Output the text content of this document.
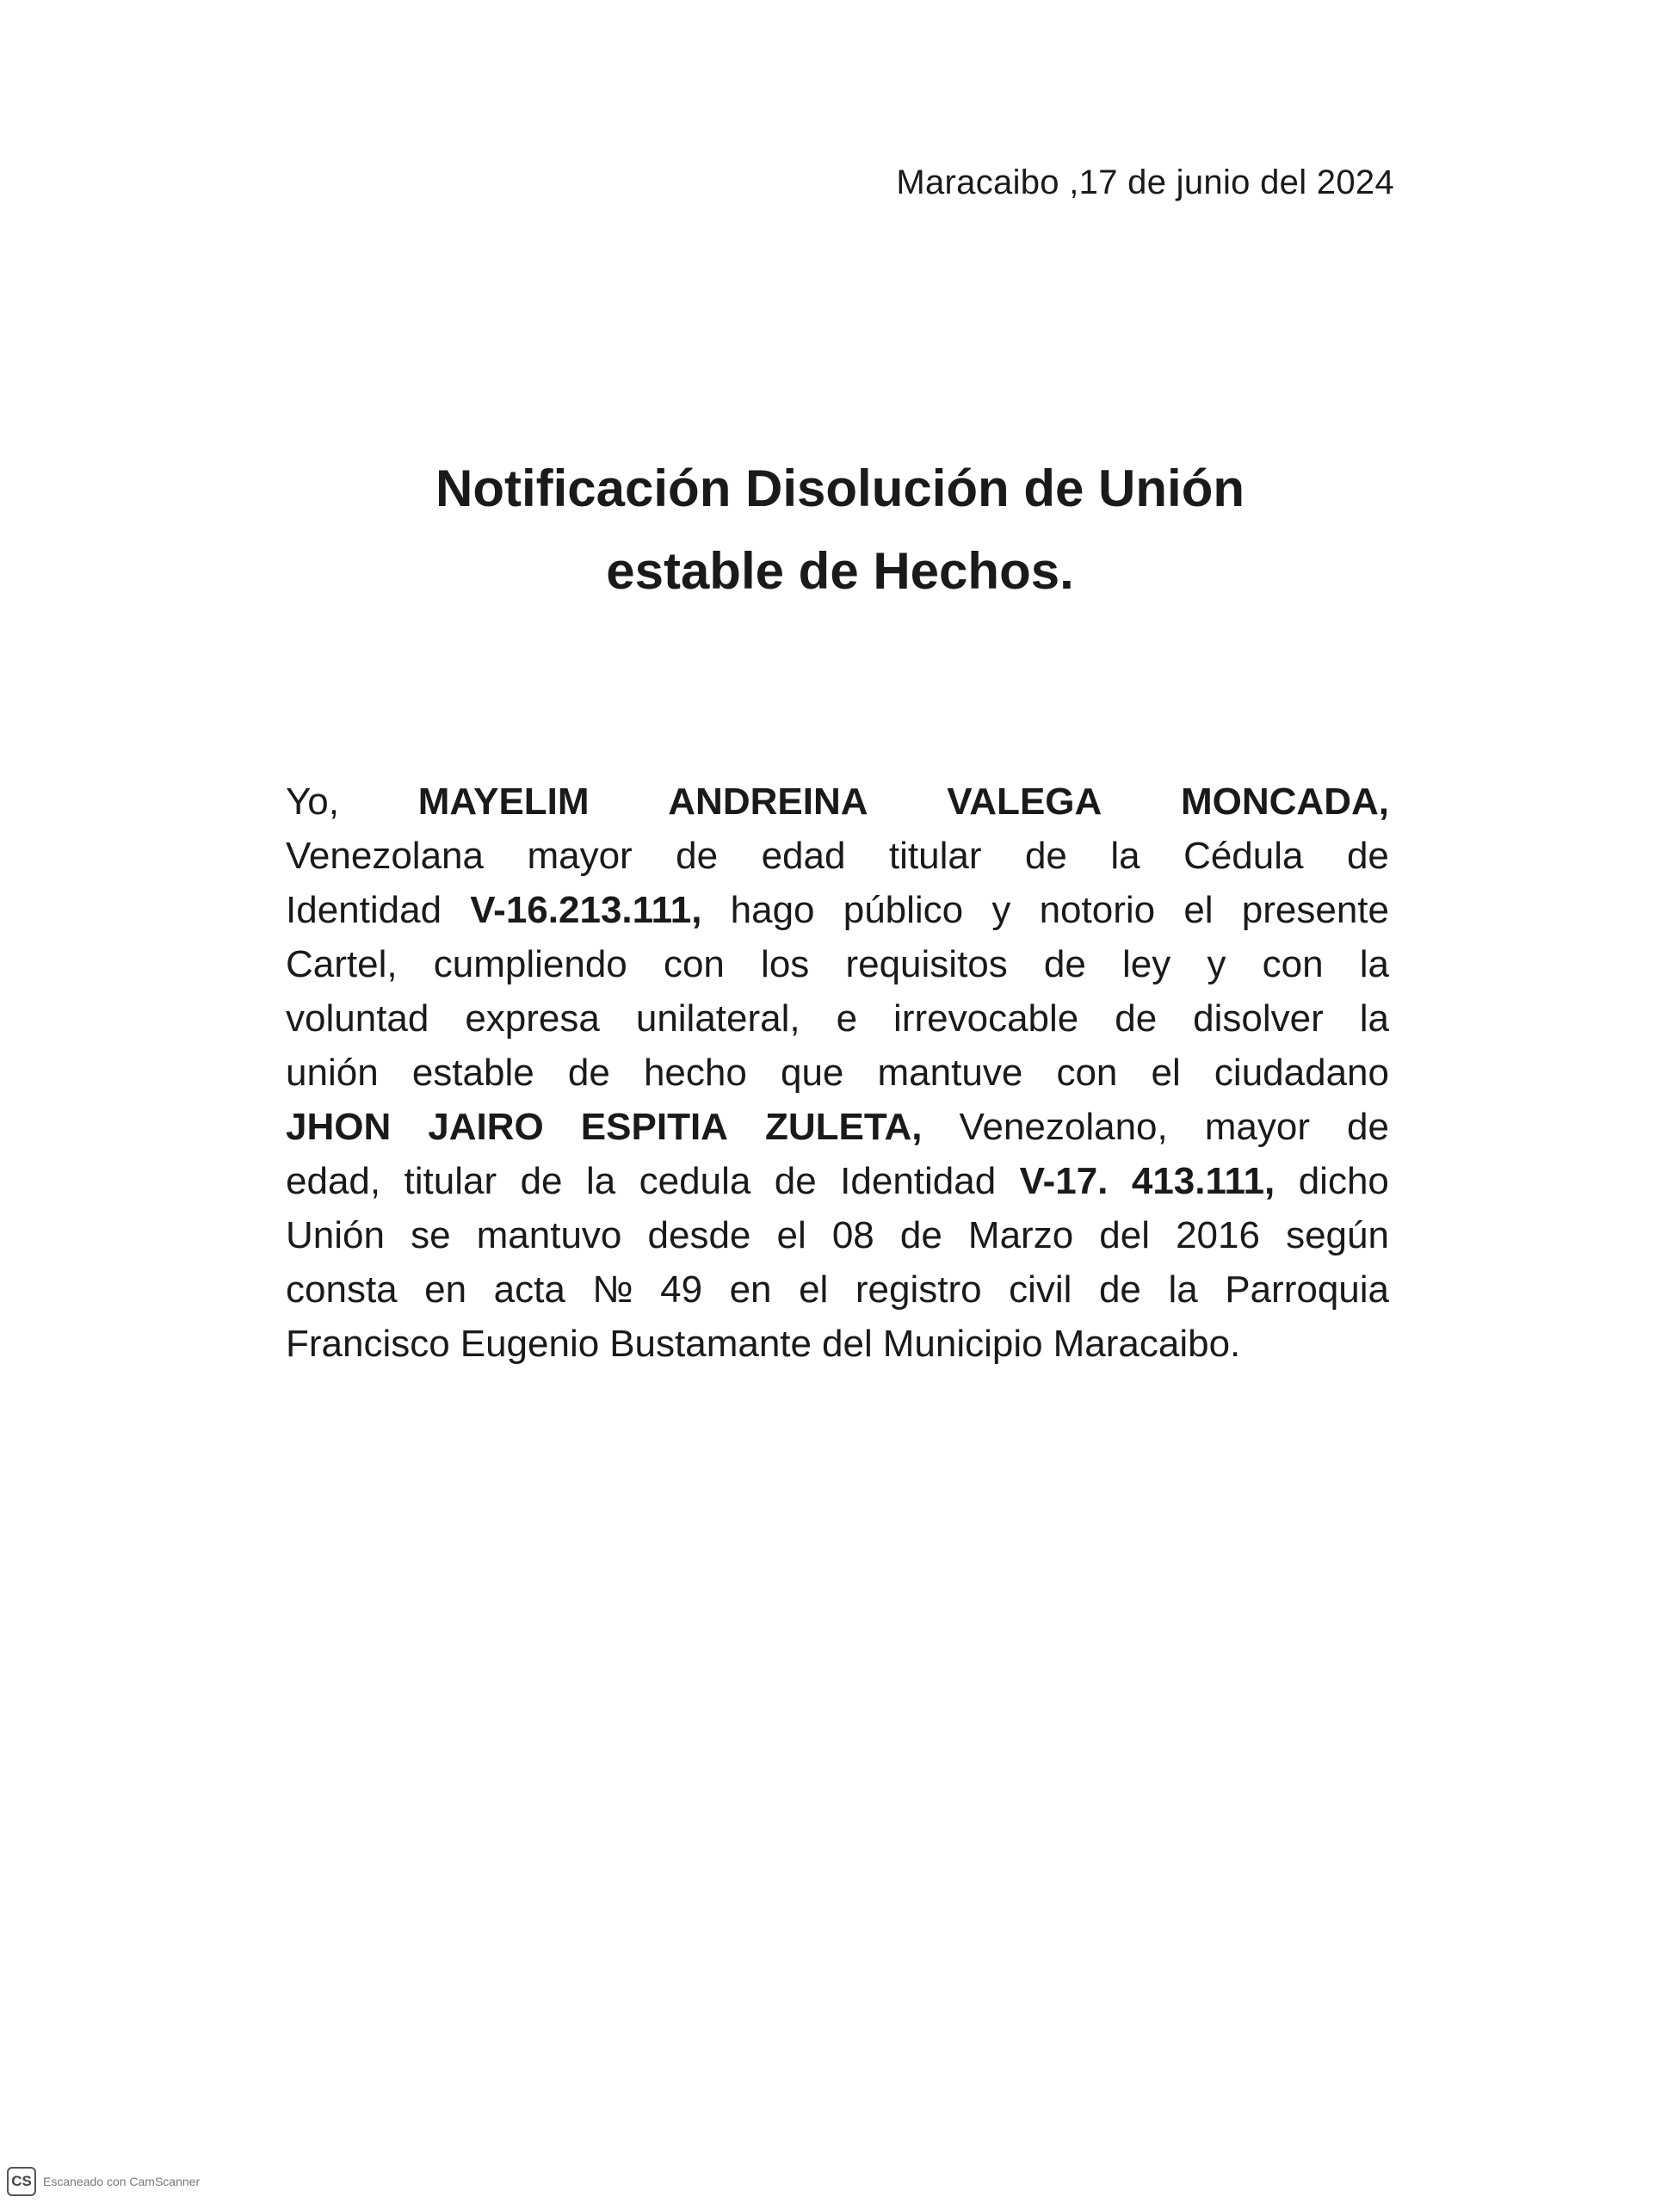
Maracaibo ,17 de junio del 2024
Notificación Disolución de Unión
estable de Hechos.
Yo, MAYELIM ANDREINA VALEGA MONCADA,
Venezolana mayor de edad titular de la Cédula de
Identidad V-16.213.111, hago público y notorio el presente
Cartel, cumpliendo con los requisitos de ley y con la
voluntad expresa unilateral, e irrevocable de disolver la
unión estable de hecho que mantuve con el ciudadano
JHON JAIRO ESPITIA ZULETA, Venezolano, mayor de
edad, titular de la cedula de Identidad V-17. 413.111, dicho
Unión se mantuvo desde el 08 de Marzo del 2016 según
consta en acta № 49 en el registro civil de la Parroquia
Francisco Eugenio Bustamante del Municipio Maracaibo.
CS Escaneado con CamScanner
